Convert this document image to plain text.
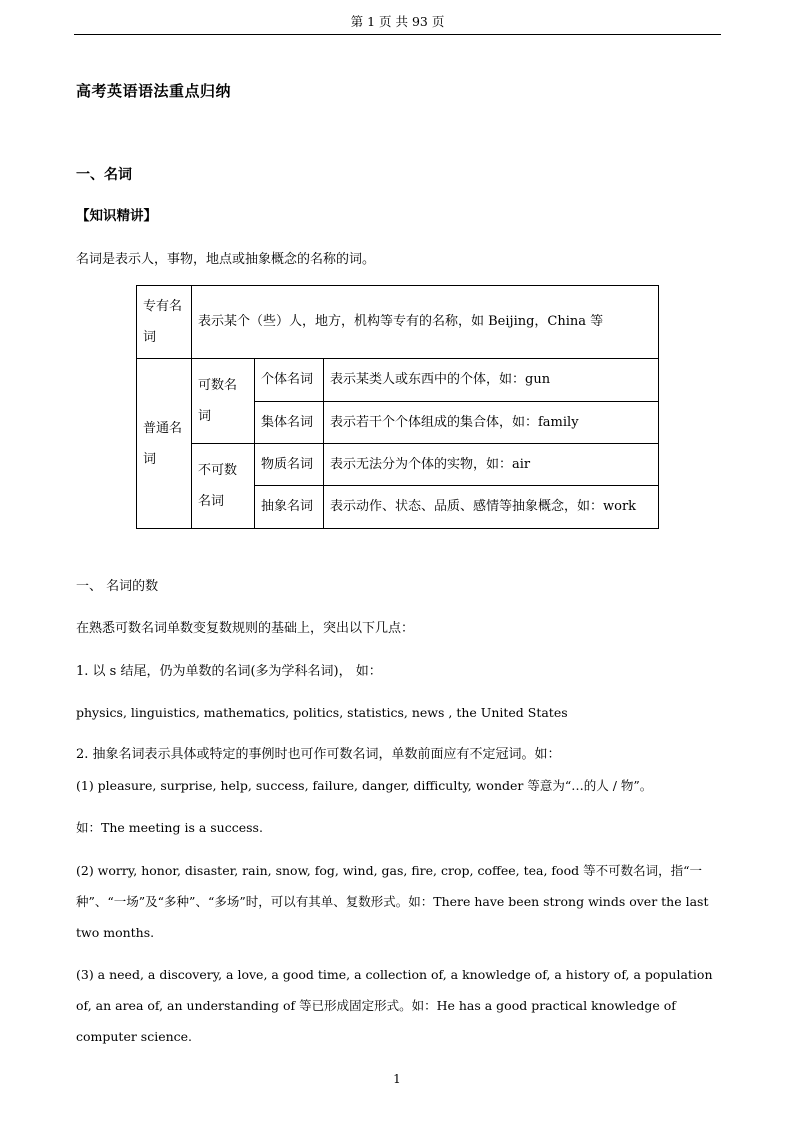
第 1 页 共 93 页
高考英语语法重点归纳
一、名词
【知识精讲】
名词是表示人，事物，地点或抽象概念的名称的词。
专有名词	表示某个（些）人，地方，机构等专有的名称，如 Beijing，China 等		
普通名词	可数名词	个体名词	表示某类人或东西中的个体，如：gun
		集体名词	表示若干个个体组成的集合体，如：family
	不可数名词	物质名词	表示无法分为个体的实物，如：air
		抽象名词	表示动作、状态、品质、感情等抽象概念，如：work
一、 名词的数
在熟悉可数名词单数变复数规则的基础上，突出以下几点：
1. 以 s 结尾，仍为单数的名词(多为学科名词)， 如：
physics, linguistics, mathematics, politics, statistics, news , the United States
2. 抽象名词表示具体或特定的事例时也可作可数名词，单数前面应有不定冠词。如：
(1) pleasure, surprise, help, success, failure, danger, difficulty, wonder 等意为“…的人 / 物”。
如：The meeting is a success.
(2) worry, honor, disaster, rain, snow, fog, wind, gas, fire, crop, coffee, tea, food 等不可数名词，指“一种”、“一场”及“多种”、“多场”时，可以有其单、复数形式。如：There have been strong winds over the last two months.
(3) a need, a discovery, a love, a good time, a collection of, a knowledge of, a history of, a population of, an area of, an understanding of 等已形成固定形式。如：He has a good practical knowledge of computer science.
1
